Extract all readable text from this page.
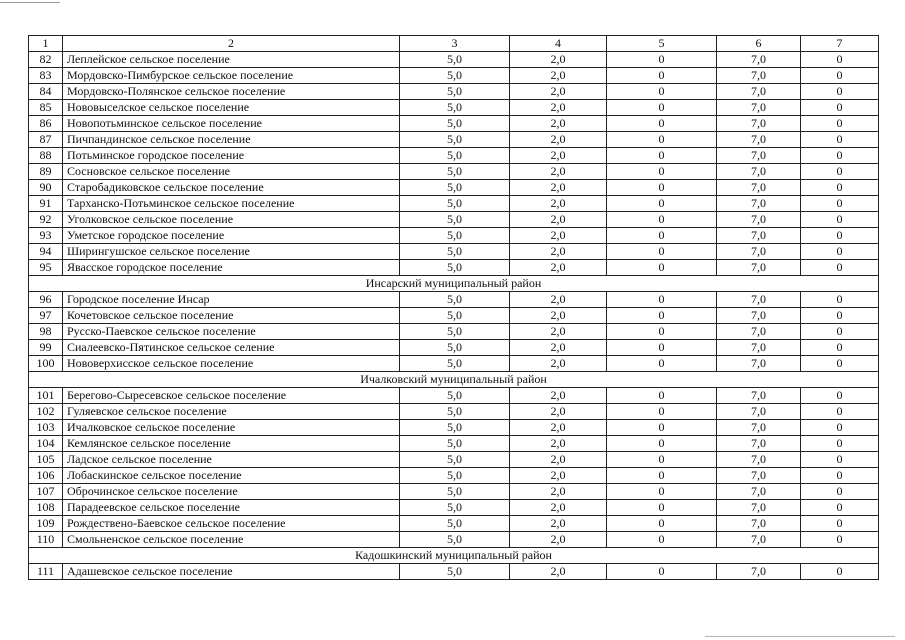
1	2	3	4	5	6	7
82	Леплейское сельское поселение	5,0	2,0	0	7,0	0
83	Мордовско-Пимбурское сельское поселение	5,0	2,0	0	7,0	0
84	Мордовско-Полянское сельское поселение	5,0	2,0	0	7,0	0
85	Нововыселское сельское поселение	5,0	2,0	0	7,0	0
86	Новопотьминское сельское поселение	5,0	2,0	0	7,0	0
87	Пичпандинское сельское поселение	5,0	2,0	0	7,0	0
88	Потьминское городское поселение	5,0	2,0	0	7,0	0
89	Сосновское сельское поселение	5,0	2,0	0	7,0	0
90	Старобадиковское сельское поселение	5,0	2,0	0	7,0	0
91	Тарханско-Потьминское сельское поселение	5,0	2,0	0	7,0	0
92	Уголковское сельское поселение	5,0	2,0	0	7,0	0
93	Уметское городское поселение	5,0	2,0	0	7,0	0
94	Ширингушское сельское поселение	5,0	2,0	0	7,0	0
95	Явасское городское поселение	5,0	2,0	0	7,0	0
Инсарский муниципальный район						
96	Городское поселение Инсар	5,0	2,0	0	7,0	0
97	Кочетовское сельское поселение	5,0	2,0	0	7,0	0
98	Русско-Паевское сельское поселение	5,0	2,0	0	7,0	0
99	Сиалеевско-Пятинское сельское селение	5,0	2,0	0	7,0	0
100	Нововерхисское сельское поселение	5,0	2,0	0	7,0	0
Ичалковский муниципальный район						
101	Берегово-Сыресевское сельское поселение	5,0	2,0	0	7,0	0
102	Гуляевское сельское поселение	5,0	2,0	0	7,0	0
103	Ичалковское сельское поселение	5,0	2,0	0	7,0	0
104	Кемлянское сельское поселение	5,0	2,0	0	7,0	0
105	Ладское сельское поселение	5,0	2,0	0	7,0	0
106	Лобаскинское сельское поселение	5,0	2,0	0	7,0	0
107	Оброчинское сельское поселение	5,0	2,0	0	7,0	0
108	Парадеевское сельское поселение	5,0	2,0	0	7,0	0
109	Рождествено-Баевское сельское поселение	5,0	2,0	0	7,0	0
110	Смольненское сельское поселение	5,0	2,0	0	7,0	0
Кадошкинский муниципальный район						
111	Адашевское сельское поселение	5,0	2,0	0	7,0	0
